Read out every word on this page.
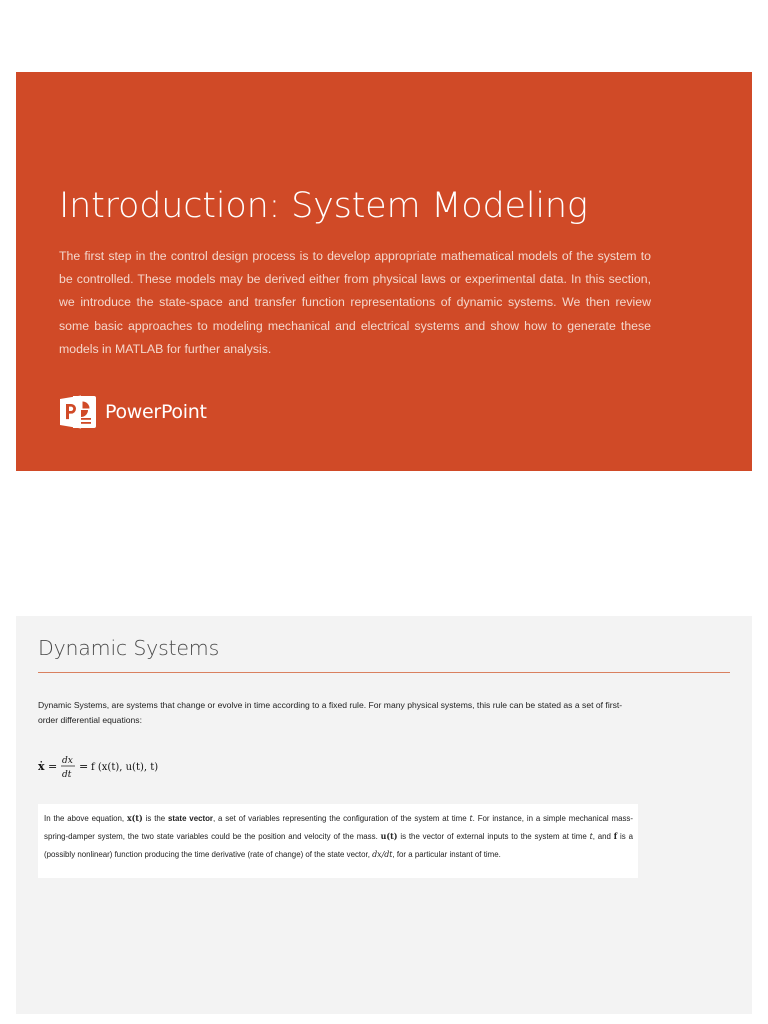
Introduction: System Modeling
The first step in the control design process is to develop appropriate mathematical models of the system to be controlled. These models may be derived either from physical laws or experimental data. In this section, we introduce the state-space and transfer function representations of dynamic systems. We then review some basic approaches to modeling mechanical and electrical systems and show how to generate these models in MATLAB for further analysis.
PowerPoint
Dynamic Systems
Dynamic Systems, are systems that change or evolve in time according to a fixed rule. For many physical systems, this rule can be stated as a set of first-order differential equations:
ẋ = dx
dt
= f (x(t), u(t), t)
In the above equation, x(t) is the state vector, a set of variables representing the configuration of the system at time t. For instance, in a simple mechanical mass-spring-damper system, the two state variables could be the position and velocity of the mass. u(t) is the vector of external inputs to the system at time t, and f is a (possibly nonlinear) function producing the time derivative (rate of change) of the state vector, dx/dt, for a particular instant of time.
